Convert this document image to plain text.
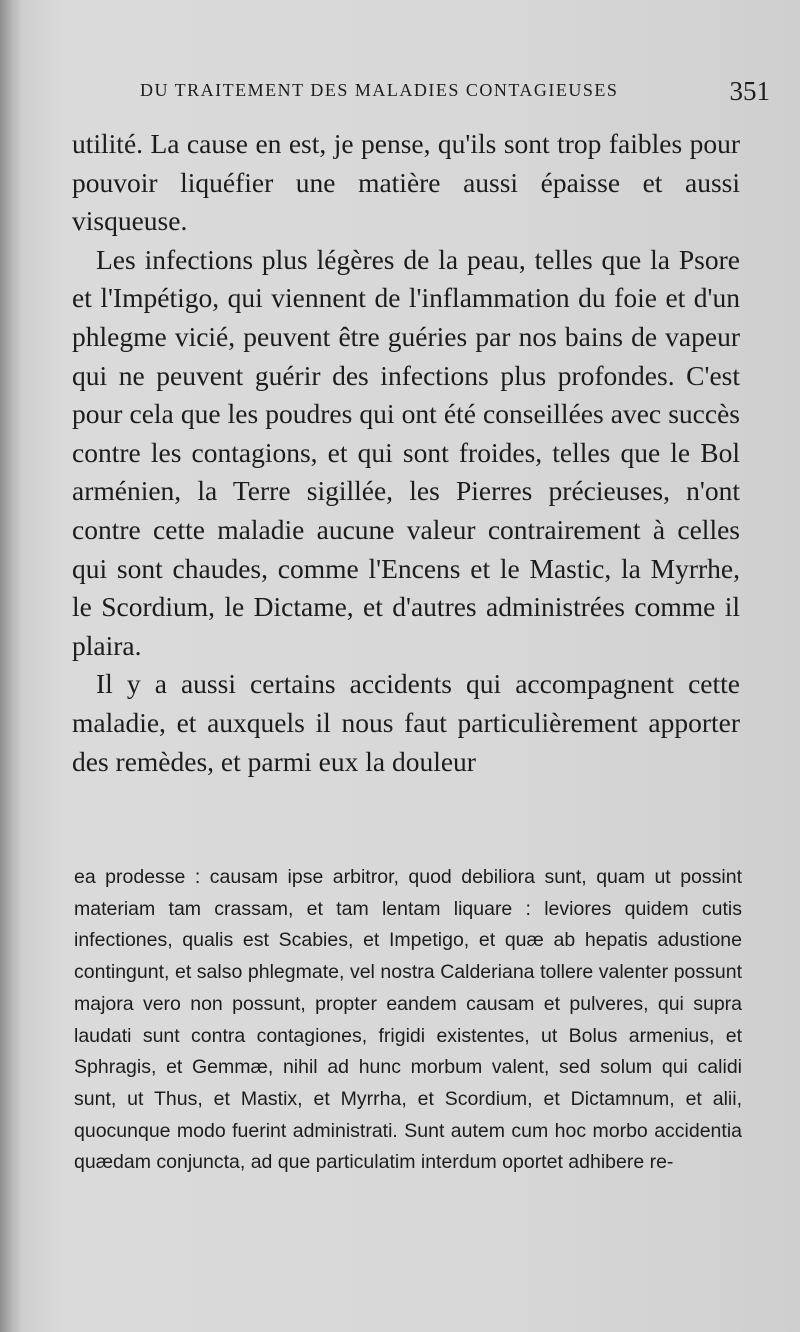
DU TRAITEMENT DES MALADIES CONTAGIEUSES	351

utilité. La cause en est, je pense, qu'ils sont trop faibles pour pouvoir liquéfier une matière aussi épaisse et aussi visqueuse.

Les infections plus légères de la peau, telles que la Psore et l'Impétigo, qui viennent de l'inflammation du foie et d'un phlegme vicié, peuvent être guéries par nos bains de vapeur qui ne peuvent guérir des infections plus profondes. C'est pour cela que les poudres qui ont été conseillées avec succès contre les contagions, et qui sont froides, telles que le Bol arménien, la Terre sigillée, les Pierres précieuses, n'ont contre cette maladie aucune valeur contrairement à celles qui sont chaudes, comme l'Encens et le Mastic, la Myrrhe, le Scordium, le Dictame, et d'autres administrées comme il plaira.

Il y a aussi certains accidents qui accompagnent cette maladie, et auxquels il nous faut particulièrement apporter des remèdes, et parmi eux la douleur

ea prodesse : causam ipse arbitror, quod debiliora sunt, quam ut possint materiam tam crassam, et tam lentam liquare : leviores quidem cutis infectiones, qualis est Scabies, et Impetigo, et quæ ab hepatis adustione contingunt, et salso phlegmate, vel nostra Calderiana tollere valenter possunt majora vero non possunt, propter eandem causam et pulveres, qui supra laudati sunt contra contagiones, frigidi existentes, ut Bolus armenius, et Sphragis, et Gemmæ, nihil ad hunc morbum valent, sed solum qui calidi sunt, ut Thus, et Mastix, et Myrrha, et Scordium, et Dictamnum, et alii, quocunque modo fuerint administrati. Sunt autem cum hoc morbo accidentia quædam conjuncta, ad que particulatim interdum oportet adhibere re-
